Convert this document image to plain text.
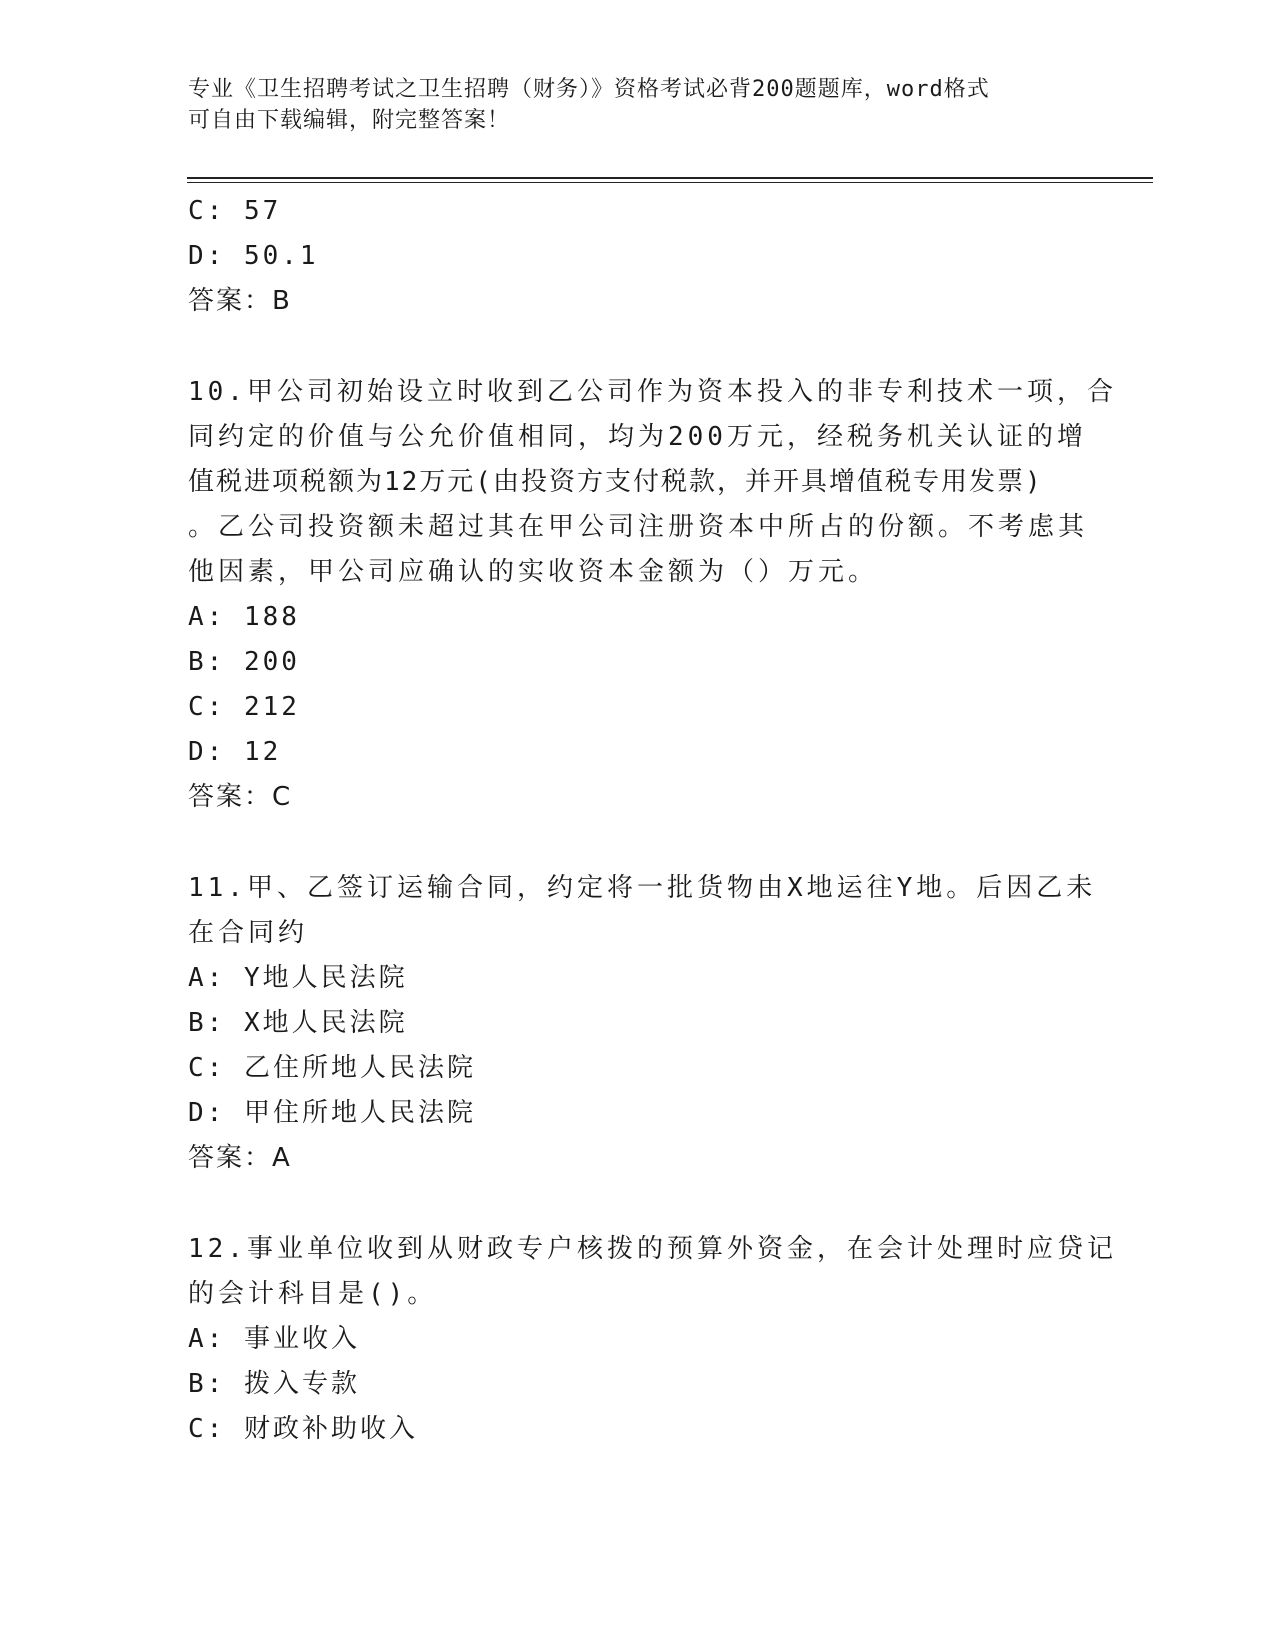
专业《卫生招聘考试之卫生招聘（财务）》资格考试必背200题题库，word格式
可自由下载编辑，附完整答案！
C: 57
D: 50.1
答案：B
10.甲公司初始设立时收到乙公司作为资本投入的非专利技术一项，合
同约定的价值与公允价值相同，均为200万元，经税务机关认证的增
值税进项税额为12万元(由投资方支付税款，并开具增值税专用发票)
。乙公司投资额未超过其在甲公司注册资本中所占的份额。不考虑其
他因素，甲公司应确认的实收资本金额为（）万元。
A: 188
B: 200
C: 212
D: 12
答案：C
11.甲、乙签订运输合同，约定将一批货物由X地运往Y地。后因乙未
在合同约
A: Y地人民法院
B: X地人民法院
C: 乙住所地人民法院
D: 甲住所地人民法院
答案：A
12.事业单位收到从财政专户核拨的预算外资金，在会计处理时应贷记
的会计科目是()。
A: 事业收入
B: 拨入专款
C: 财政补助收入
